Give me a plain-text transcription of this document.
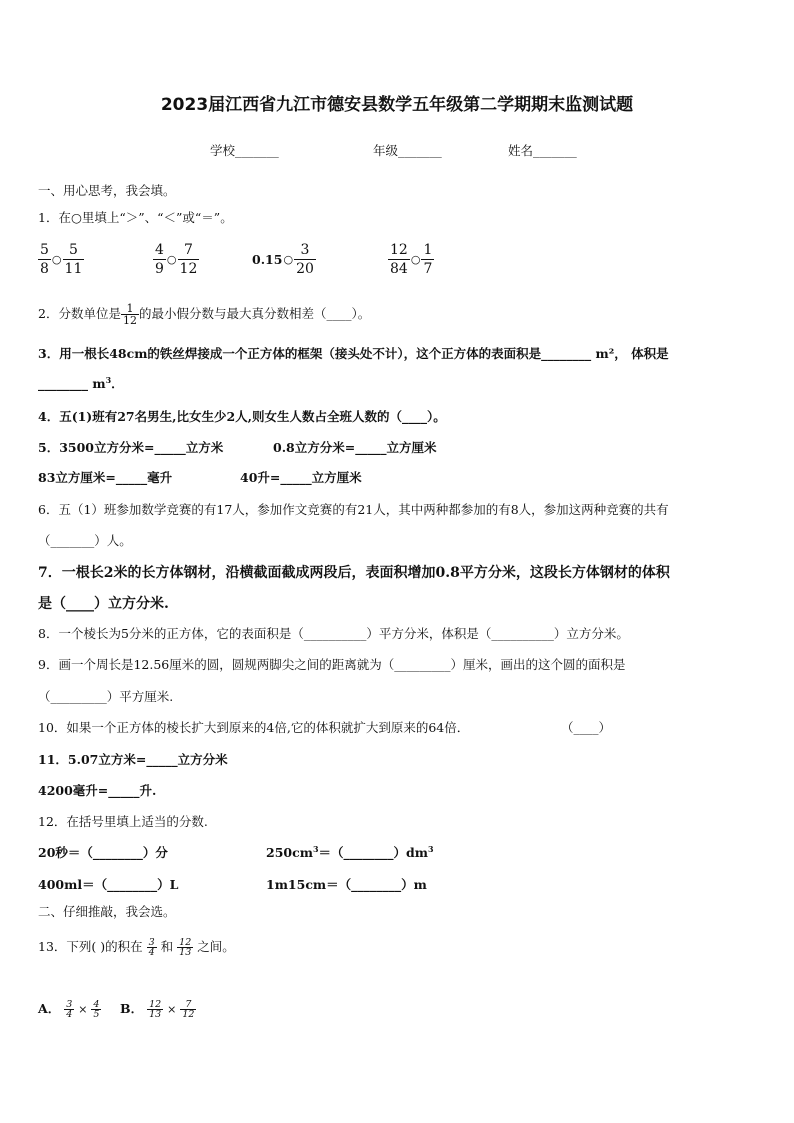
2023届江西省九江市德安县数学五年级第二学期期末监测试题
学校_______	年级_______	姓名_______
一、用心思考，我会填。
1．在○里填上“＞”、“＜”或“＝”。
$\frac{5}{8}$ ○ $\frac{5}{11}$	$\frac{4}{9}$ ○ $\frac{7}{12}$	0.15○ $\frac{3}{20}$	$\frac{12}{84}$ ○ $\frac{1}{7}$
2．分数单位是 $\frac{1}{12}$ 的最小假分数与最大真分数相差（____）。
3．用一根长48cm的铁丝焊接成一个正方体的框架（接头处不计），这个正方体的表面积是________ m²， 体积是
________ $m^3$．
4．五(1)班有27名男生,比女生少2人,则女生人数占全班人数的（____）。
5．3500立方分米=_____立方米	0.8立方分米=_____立方厘米
83立方厘米=_____毫升	40升=_____立方厘米
6．五（1）班参加数学竞赛的有17人，参加作文竞赛的有21人，其中两种都参加的有8人，参加这两种竞赛的共有
（_______）人。
7．一根长2米的长方体钢材，沿横截面截成两段后，表面积增加0.8平方分米，这段长方体钢材的体积
是（____）立方分米.
8．一个棱长为5分米的正方体，它的表面积是（__________）平方分米，体积是（__________）立方分米。
9．画一个周长是12.56厘米的圆，圆规两脚尖之间的距离就为（_________）厘米，画出的这个圆的面积是
（_________）平方厘米.
10．如果一个正方体的棱长扩大到原来的4倍,它的体积就扩大到原来的64倍．	（____）
11．5.07立方米=_____立方分米
4200毫升=_____升.
12．在括号里填上适当的分数.
20秒＝（________）分	$250cm^3=(\_\_\_\_\_\_\_\_)dm^3$
400ml＝（________）L	1m15cm＝（________）m
二、仔细推敲，我会选。
13．下列( )的积在 $\frac{3}{4}$ 和 $\frac{12}{13}$ 之间。
A． $\frac{3}{4} \times \frac{4}{5}$ B． $\frac{12}{13} \times \frac{7}{12}$
